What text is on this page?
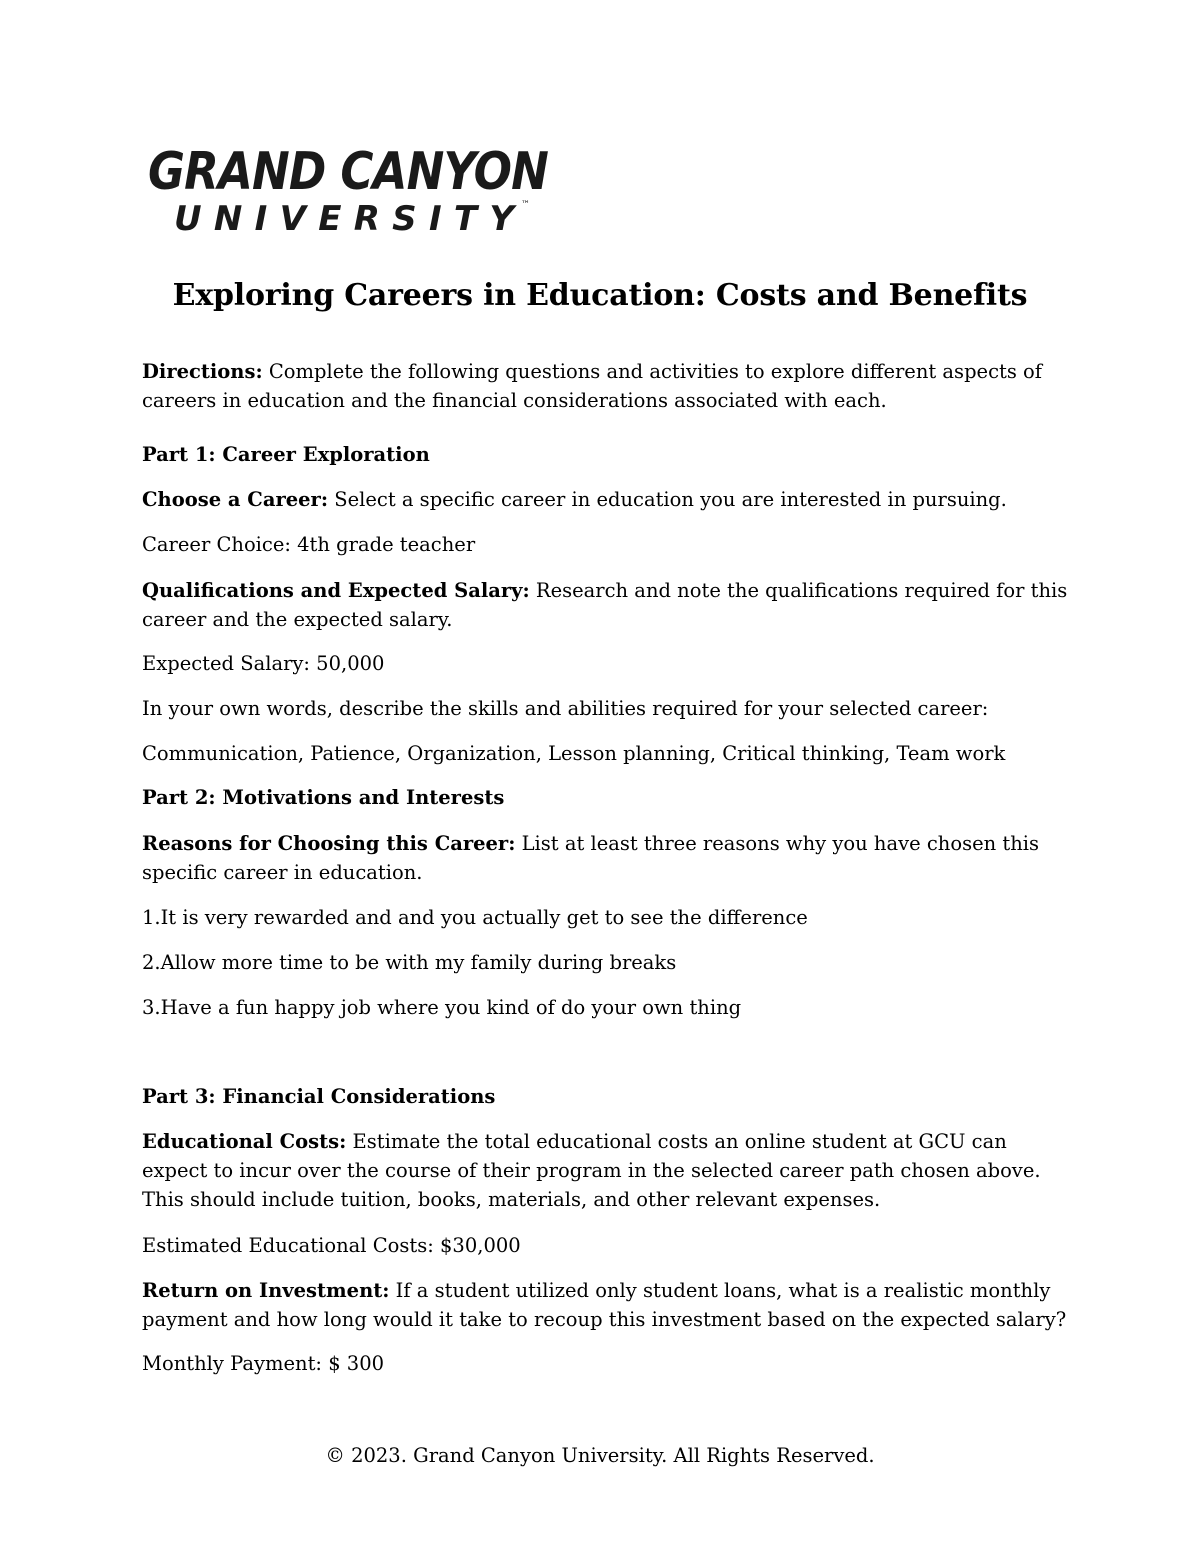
GRAND CANYON
UNIVERSITY ™
Exploring Careers in Education: Costs and Benefits

Directions: Complete the following questions and activities to explore different aspects of careers in education and the financial considerations associated with each.

Part 1: Career Exploration

Choose a Career: Select a specific career in education you are interested in pursuing.

Career Choice: 4th grade teacher

Qualifications and Expected Salary: Research and note the qualifications required for this career and the expected salary.

Expected Salary: 50,000

In your own words, describe the skills and abilities required for your selected career:

Communication, Patience, Organization, Lesson planning, Critical thinking, Team work

Part 2: Motivations and Interests

Reasons for Choosing this Career: List at least three reasons why you have chosen this specific career in education.

1.It is very rewarded and and you actually get to see the difference

2.Allow more time to be with my family during breaks

3.Have a fun happy job where you kind of do your own thing

Part 3: Financial Considerations

Educational Costs: Estimate the total educational costs an online student at GCU can expect to incur over the course of their program in the selected career path chosen above. This should include tuition, books, materials, and other relevant expenses.

Estimated Educational Costs: $30,000

Return on Investment: If a student utilized only student loans, what is a realistic monthly payment and how long would it take to recoup this investment based on the expected salary?

Monthly Payment: $ 300

© 2023. Grand Canyon University. All Rights Reserved.
